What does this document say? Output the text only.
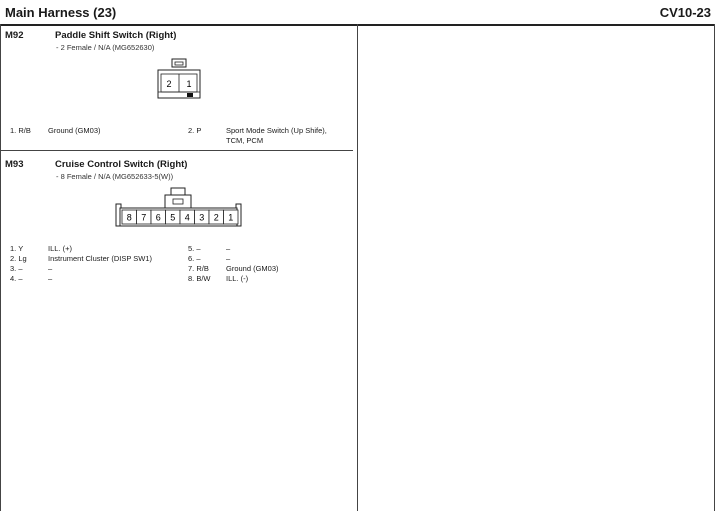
Main Harness (23)	CV10-23
M92	Paddle Shift Switch (Right)
- 2 Female / N/A (MG652630)
2 1
1. R/B Ground (GM03)	2. P	Sport Mode Switch (Up Shife),
TCM, PCM
M93	Cruise Control Switch (Right)
- 8 Female / N/A (MG652633-5(W))
8 7 6 5 4 3 2 1
1. Y	ILL. (+)
2. Lg	Instrument Cluster (DISP SW1)
3. –	–
4. –	–
5. –	–
6. –	–
7. R/B Ground (GM03)
8. B/W ILL. (-)
